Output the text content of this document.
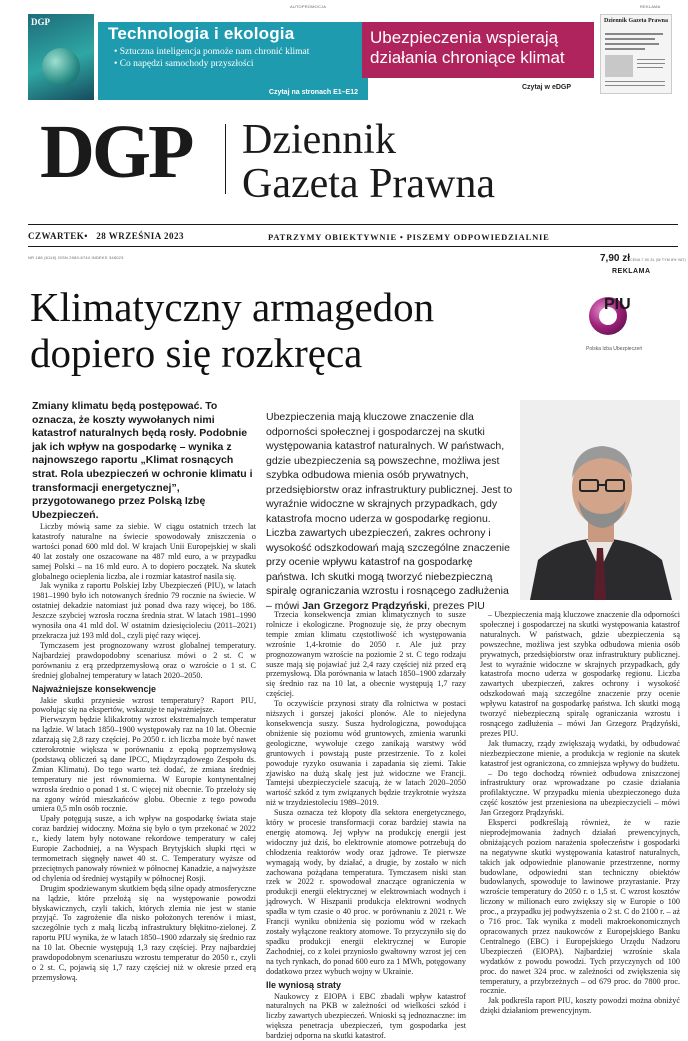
AUTOPROMOCJA
DGP
Technologia i ekologia
• Sztuczna inteligencja pomoże nam chronić klimat
• Co napędzi samochody przyszłości
Czytaj na stronach E1–E12
REKLAMA
Ubezpieczenia wspierają działania chroniące klimat
Czytaj w eDGP
Dziennik Gazeta Prawna
DGP Dziennik
Gazeta Prawna
CZWARTEK•28 WRZEŚNIA 2023	PATRZYMY OBIEKTYWNIE • PISZEMY ODPOWIEDZIALNIE
NR 188 (6116) ISSN 2080-6744 INDEKS 348023	7,90 zł CENA 7,90 ZŁ (W TYM 8% VAT)
Klimatyczny armagedon dopiero się rozkręca
REKLAMA
PIU
Polska Izba Ubezpieczeń
Zmiany klimatu będą postępować. To oznacza, że koszty wywołanych nimi katastrof naturalnych będą rosły. Podobnie jak ich wpływ na gospodarkę – wynika z najnowszego raportu „Klimat rosnących strat. Rola ubezpieczeń w ochronie klimatu i transformacji energetycznej”, przygotowanego przez Polską Izbę Ubezpieczeń.
Ubezpieczenia mają kluczowe znaczenie dla odporności społecznej i gospodarczej na skutki występowania katastrof naturalnych. W państwach, gdzie ubezpieczenia są powszechne, możliwa jest szybka odbudowa mienia osób prywatnych, przedsiębiorstw oraz infrastruktury publicznej. Jest to wyraźnie widoczne w skrajnych przypadkach, gdy katastrofa mocno uderza w gospodarkę regionu. Liczba zawartych ubezpieczeń, zakres ochrony i wysokość odszkodowań mają szczególne znaczenie przy ocenie wpływu katastrof na gospodarkę państwa. Ich skutki mogą tworzyć niebezpieczną spiralę ograniczania wzrostu i rosnącego zadłużenia – mówi Jan Grzegorz Prądzyński, prezes PIU

Liczby mówią same za siebie. W ciągu ostatnich trzech lat katastrofy naturalne na świecie spowodowały zniszczenia o wartości ponad 600 mld dol. W krajach Unii Europejskiej w skali 40 lat zostały one oszacowane na 487 mld euro, a w przypadku samej Polski – na 16 mld euro. A to dopiero początek. Na skutek globalnego ocieplenia liczba, ale i rozmiar katastrof nasila się.

Jak wynika z raportu Polskiej Izby Ubezpieczeń (PIU), w latach 1981–1990 było ich notowanych średnio 79 rocznie na świecie. W ostatniej dekadzie natomiast już ponad dwa razy więcej, bo 186. Jeszcze szybciej wzrosła roczna średnia strat. W latach 1981–1990 wynosiła ona 41 mld dol. W ostatnim dziesięcioleciu (2011–2021) przekracza już 193 mld dol., czyli pięć razy więcej.

Tymczasem jest prognozowany wzrost globalnej temperatury. Najbardziej prawdopodobny scenariusz mówi o 2 st. C w porównaniu z erą przedprzemysłową oraz o wzroście o 1 st. C średniej globalnej temperatury w latach 2020–2050.

Najważniejsze konsekwencje

Jakie skutki przyniesie wzrost temperatury? Raport PIU, powołując się na ekspertów, wskazuje te najważniejsze.

Pierwszym będzie klikakrotny wzrost ekstremalnych temperatur na lądzie. W latach 1850–1900 występowały raz na 10 lat. Obecnie zdarzają się 2,8 razy częściej. Po 2050 r. ich liczba może być nawet czterokrotnie większa w porównaniu z epoką poprzemysłową (podstawą obliczeń są dane IPCC, Międzyrządowego Zespołu ds. Zmian Klimatu). Do tego warto też dodać, że zmiana średniej temperatury nie jest równomierna. W Europie kontynentalnej wzrosła średnio o ponad 1 st. C więcej niż obecnie. To przełoży się na zgony wśród mieszkańców globu. Obecnie z tego powodu umiera 0,5 mln osób rocznie.

Upały potęgują susze, a ich wpływ na gospodarkę świata staje coraz bardziej widoczny. Można się było o tym przekonać w 2022 r., kiedy latem były notowane rekordowe temperatury w całej Europie Zachodniej, a na Wyspach Brytyjskich słupki rtęci w termometrach sięgnęły nawet 40 st. C. Temperatury wyższe od przeciętnych panowały również w północnej Kanadzie, a najwyższe od chylenia od średniej wystąpiły w północnej Rosji.

Drugim spodziewanym skutkiem będą silne opady atmosferyczne na lądzie, które przełożą się na występowanie powodzi błyskawicznych, czyli takich, których zlemia nie jest w stanie przyjąć. To zagrożenie dla nisko położonych terenów i miast, szczególnie tych z małą liczbą infrastruktury błękitno-zielonej. Z raportu PIU wynika, że w latach 1850–1900 zdarzały się średnio raz na 10 lat. Obecnie występują 1,3 razy częściej. Przy najbardziej prawdopodobnym scenariuszu wzrostu temperatur do 2050 r., czyli o 2 st. C, pojawią się 1,7 razy częściej niż w okresie przed erą przemysłową.

Trzecia konsekwencja zmian klimatycznych to susze rolnicze i ekologiczne. Prognozuje się, że przy obecnym tempie zmian klimatu częstotliwość ich występowania wzrośnie 1,4-krotnie do 2050 r. Ale już przy prognozowanym wzroście na poziomie 2 st. C tego rodzaju susze mają się pojawiać już 2,4 razy częściej niż przed erą przemysłową. Dla porównania w latach 1850–1900 zdarzały się średnio raz na 10 lat, a obecnie występują 1,7 razy częściej.

To oczywiście przynosi straty dla rolnictwa w postaci niższych i gorszej jakości plonów. Ale to niejedyna konsekwencja suszy. Susza hydrologiczna, powodująca obniżenie się poziomu wód gruntowych, zmienia warunki geologiczne, wywołuje czego zanikają warstwy wód gruntowych i powstają puste przestrzenie. To z kolei powoduje ryzyko osuwania i zapadania się ziemi. Takie zjawisko na dużą skalę jest już widoczne we Francji. Tamtejsi ubezpieczyciele szacują, że w latach 2020–2050 wartość szkód z tym związanych będzie trzykrotnie wyższa niż w trzydziestoleciu 1989–2019.

Susza oznacza też kłopoty dla sektora energetycznego, który w procesie transformacji coraz bardziej stawia na energię atomową. Jej wpływ na produkcję energii jest widoczny już dziś, bo elektrownie atomowe potrzebują do chłodzenia reaktorów wody oraz jądrowe. Te pierwsze wymagają wody, by działać, a drugie, by zostało w nich zachowana pożądana temperatura. Tymczasem niski stan rzek w 2022 r. spowodował znaczące ograniczenia w produkcji energii elektrycznej w elektrowniach wodnych i jądrowych. W Hiszpanii produkcja elektrowni wodnych spadła w tym czasie o 40 proc. w porównaniu z 2021 r. We Francji wyniku obniżenia się poziomu wód w rzekach zostały wyłączone reaktory atomowe. To przyczyniło się do spadku produkcji energii elektrycznej w Europie Zachodniej, co z kolei przyniosło gwałtowny wzrost jej cen na tych rynkach, do ponad 600 euro za 1 MWh, potęgowany dodatkowo przez wybuch wojny w Ukrainie.

Ile wyniosą straty

Naukowcy z EIOPA i EBC zbadali wpływ katastrof naturalnych na PKB w zależności od wielkości szkód i liczby zawartych ubezpieczeń. Wnioski są jednoznaczne: im większa penetracja ubezpieczeń, tym gospodarka jest bardziej odporna na skutki katastrof.

– Ubezpieczenia mają kluczowe znaczenie dla odporności społecznej i gospodarczej na skutki występowania katastrof naturalnych. W państwach, gdzie ubezpieczenia są powszechne, możliwa jest szybka odbudowa mienia osób prywatnych, przedsiębiorstw oraz infrastruktury publicznej. Jest to wyraźnie widoczne w skrajnych przypadkach, gdy katastrofa mocno uderza w gospodarkę regionu. Liczba zawartych ubezpieczeń, zakres ochrony i wysokość odszkodowań mają szczególne znaczenie przy ocenie wpływu katastrof na gospodarkę państwa. Ich skutki mogą tworzyć niebezpieczną spiralę ograniczania wzrostu i rosnącego zadłużenia – mówi Jan Grzegorz Prądzyński, prezes PIU.

Jak tłumaczy, rządy zwiększają wydatki, by odbudować niezbezpieczone mienie, a produkcja w regionie na skutek katastrof jest ograniczona, co zmniejsza wpływy do budżetu.

– Do tego dochodzą również odbudowa zniszczonej infrastruktury oraz wprowadzane po czasie działania profilaktyczne. W przypadku mienia ubezpieczonego duża część kosztów jest przeniesiona na ubezpieczycieli – mówi Jan Grzegorz Prądzyński.

Eksperci podkreślają również, że w razie nieprodejmowania żadnych działań prewencyjnych, obniżających poziom narażenia społeczeństw i gospodarki na negatywne skutki występowania katastrof naturalnych, takich jak odpowiednie planowanie przestrzenne, normy budowlane, odpowiedni stan techniczny obiektów budowlanych, spowoduje to lawinowe przyrastanie. Przy wzroście temperatury do 2050 r. o 1,5 st. C wzrost kosztów liczony w milionach euro zwiększy się w Europie o 100 proc., a przypadku jej podwyższenia o 2 st. C do 2100 r. – aż o 716 proc. Tak wynika z modeli makroekonomicznych opracowanych przez naukowców z Europejskiego Banku Centralnego (EBC) i Europejskiego Urzędu Nadzoru Ubezpieczeń (EIOPA). Najbardziej wzrośnie skala wydatków z powodu powodzi. Tych przyczynych od 100 proc. do nawet 324 proc. w zależności od zwiększenia się temperatury, a przybrzeżnych – od 679 proc. do 7800 proc. rocznie.

Jak podkreśla raport PIU, koszty powodzi można obniżyć dzięki działaniom prewencyjnym.
